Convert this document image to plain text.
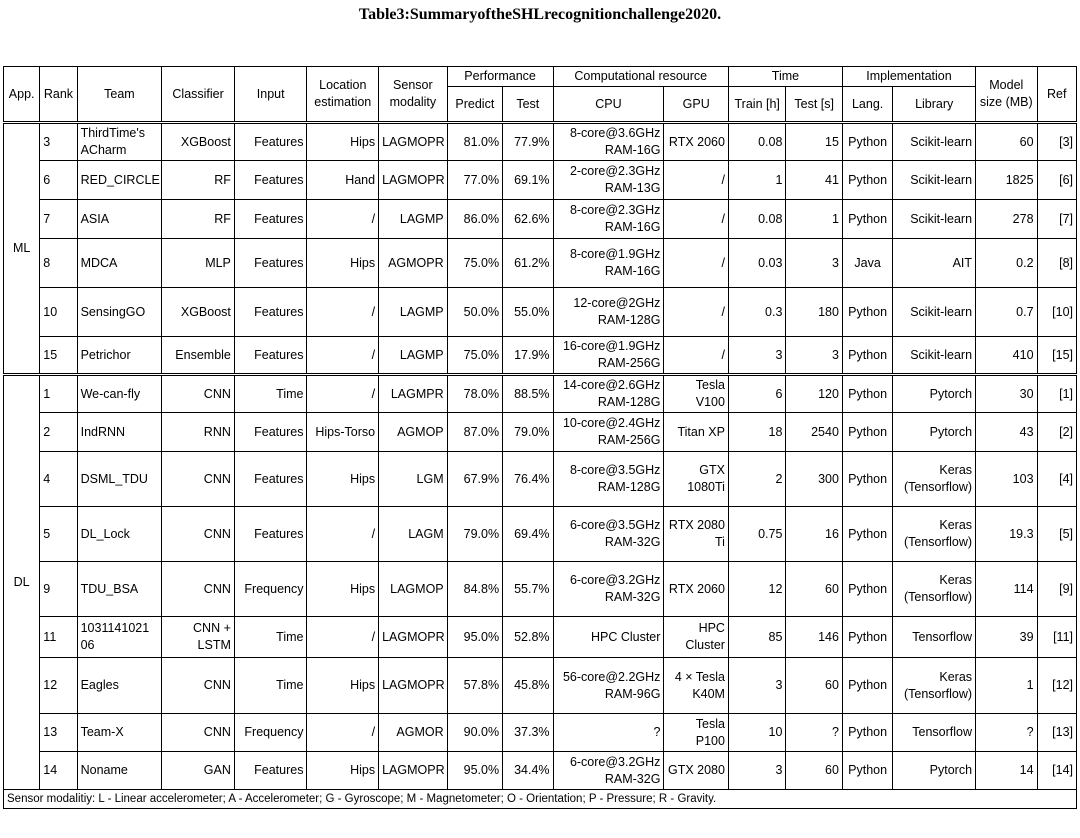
Table3:SummaryoftheSHLrecognitionchallenge2020.
App.	Rank	Team	Classifier	Input	Location estimation	Sensor modality	Performance		Computational resource		Time		Implementation		Model size (MB)	Ref
							Predict	Test	CPU	GPU	Train [h]	Test [s]	Lang.	Library		
ML	3	ThirdTime's ACharm	XGBoost	Features	Hips	LAGMOPR	81.0%	77.9%	8-core@3.6GHz RAM-16G	RTX 2060	0.08	15	Python	Scikit-learn	60	[3]
	6	RED_CIRCLE	RF	Features	Hand	LAGMOPR	77.0%	69.1%	2-core@2.3GHz RAM-13G	/	1	41	Python	Scikit-learn	1825	[6]
	7	ASIA	RF	Features	/	LAGMP	86.0%	62.6%	8-core@2.3GHz RAM-16G	/	0.08	1	Python	Scikit-learn	278	[7]
	8	MDCA	MLP	Features	Hips	AGMOPR	75.0%	61.2%	8-core@1.9GHz RAM-16G	/	0.03	3	Java	AIT	0.2	[8]
	10	SensingGO	XGBoost	Features	/	LAGMP	50.0%	55.0%	12-core@2GHz RAM-128G	/	0.3	180	Python	Scikit-learn	0.7	[10]
	15	Petrichor	Ensemble	Features	/	LAGMP	75.0%	17.9%	16-core@1.9GHz RAM-256G	/	3	3	Python	Scikit-learn	410	[15]
DL	1	We-can-fly	CNN	Time	/	LAGMPR	78.0%	88.5%	14-core@2.6GHz RAM-128G	Tesla V100	6	120	Python	Pytorch	30	[1]
	2	IndRNN	RNN	Features	Hips-Torso	AGMOP	87.0%	79.0%	10-core@2.4GHz RAM-256G	Titan XP	18	2540	Python	Pytorch	43	[2]
	4	DSML_TDU	CNN	Features	Hips	LGM	67.9%	76.4%	8-core@3.5GHz RAM-128G	GTX 1080Ti	2	300	Python	Keras (Tensorflow)	103	[4]
	5	DL_Lock	CNN	Features	/	LAGM	79.0%	69.4%	6-core@3.5GHz RAM-32G	RTX 2080 Ti	0.75	16	Python	Keras (Tensorflow)	19.3	[5]
	9	TDU_BSA	CNN	Frequency	Hips	LAGMOP	84.8%	55.7%	6-core@3.2GHz RAM-32G	RTX 2060	12	60	Python	Keras (Tensorflow)	114	[9]
	11	1031141021 06	CNN + LSTM	Time	/	LAGMOPR	95.0%	52.8%	HPC Cluster	HPC Cluster	85	146	Python	Tensorflow	39	[11]
	12	Eagles	CNN	Time	Hips	LAGMOPR	57.8%	45.8%	56-core@2.2GHz RAM-96G	4 × Tesla K40M	3	60	Python	Keras (Tensorflow)	1	[12]
	13	Team-X	CNN	Frequency	/	AGMOR	90.0%	37.3%	?	Tesla P100	10	?	Python	Tensorflow	?	[13]
	14	Noname	GAN	Features	Hips	LAGMOPR	95.0%	34.4%	6-core@3.2GHz RAM-32G	GTX 2080	3	60	Python	Pytorch	14	[14]
Sensor modalitiy: L - Linear accelerometer; A - Accelerometer; G - Gyroscope; M - Magnetometer; O - Orientation; P - Pressure; R - Gravity.																
